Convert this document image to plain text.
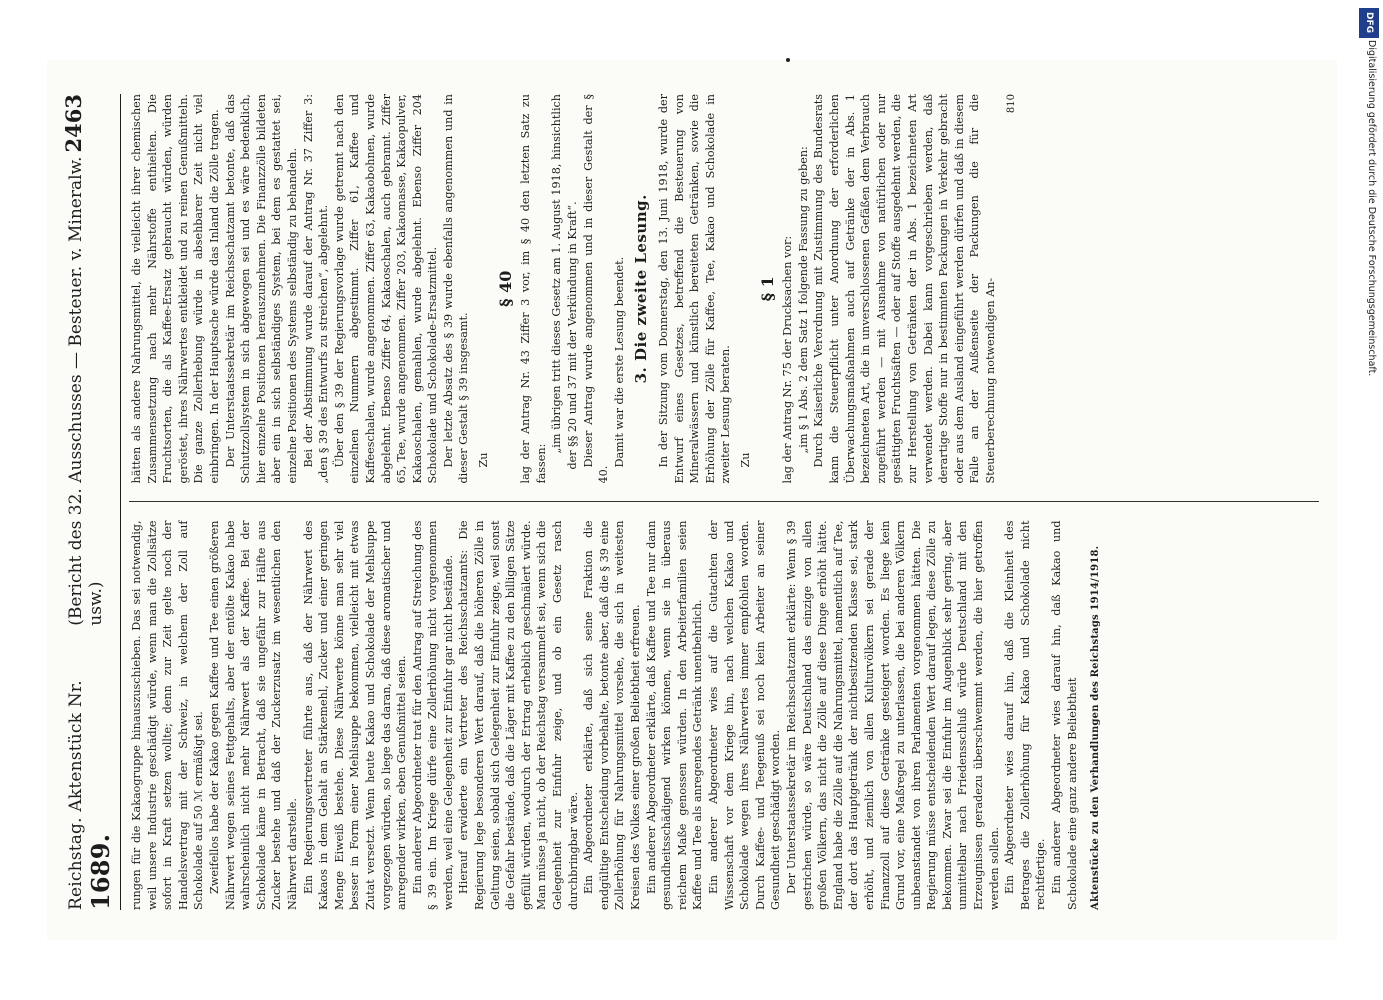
Reichstag. Aktenstück Nr. 1689.
(Bericht des 32. Ausschusses — Besteuer. v. Mineralw. usw.)
2463

rungen für die Kakaogruppe hinauszuschieben. Das sei notwendig, weil unsere Industrie geschädigt würde, wenn man die Zollsätze sofort in Kraft setzen wollte; denn zur Zeit gelte noch der Handelsvertrag mit der Schweiz, in welchem der Zoll auf Schokolade auf 50 ℳ ermäßigt sei. Zweifellos habe der Kakao gegen Kaffee und Tee einen größeren Nährwert wegen seines Fettgehalts, aber der entölte Kakao habe wahrscheinlich nicht mehr Nährwert als der Kaffee. Bei der Schokolade käme in Betracht, daß sie ungefähr zur Hälfte aus Zucker bestehe und daß der Zuckerzusatz im wesentlichen den Nährwert darstelle. Ein Regierungsvertreter führte aus, daß der Nährwert des Kakaos in dem Gehalt an Stärkemehl, Zucker und einer geringen Menge Eiweiß bestehe. Diese Nährwerte könne man sehr viel besser in Form einer Mehlsuppe bekommen, vielleicht mit etwas Zutat versetzt. Wenn heute Kakao und Schokolade der Mehlsuppe vorgezogen würden, so liege das daran, daß diese aromatischer und anregender wirken, eben Genußmittel seien. Ein anderer Abgeordneter trat für den Antrag auf Streichung des § 39 ein. Im Kriege dürfe eine Zollerhöhung nicht vorgenommen werden, weil eine Gelegenheit zur Einfuhr gar nicht bestände. Hierauf erwiderte ein Vertreter des Reichsschatzamts: Die Regierung lege besonderen Wert darauf, daß die höheren Zölle in Geltung seien, sobald sich Gelegenheit zur Einfuhr zeige, weil sonst die Gefahr bestände, daß die Läger mit Kaffee zu den billigen Sätze gefüllt würden, wodurch der Ertrag erheblich geschmälert würde. Man müsse ja nicht, ob der Reichstag versammelt sei, wenn sich die Gelegenheit zur Einfuhr zeige, und ob ein Gesetz rasch durchbringbar wäre. Ein Abgeordneter erklärte, daß sich seine Fraktion die endgültige Entscheidung vorbehalte, betonte aber, daß die § 39 eine Zollerhöhung für Nahrungsmittel vorsehe, die sich in weitesten Kreisen des Volkes einer großen Beliebtheit erfreuen. Ein anderer Abgeordneter erklärte, daß Kaffee und Tee nur dann gesundheitsschädigend wirken können, wenn sie in überaus reichem Maße genossen würden. In den Arbeiterfamilien seien Kaffee und Tee als anregendes Getränk unentbehrlich. Ein anderer Abgeordneter wies auf die Gutachten der Wissenschaft vor dem Kriege hin, nach welchen Kakao und Schokolade wegen ihres Nährwertes immer empfohlen worden. Durch Kaffee- und Teegenuß sei noch kein Arbeiter an seiner Gesundheit geschädigt worden. Der Unterstaatssekretär im Reichsschatzamt erklärte: Wenn § 39 gestrichen würde, so wäre Deutschland das einzige von allen großen Völkern, das nicht die Zölle auf diese Dinge erhöht hätte. England habe die Zölle auf die Nahrungsmittel, namentlich auf Tee, der dort das Hauptgetränk der nichtbesitzenden Klasse sei, stark erhöht, und ziemlich von allen Kulturvölkern sei gerade der Finanzzoll auf diese Getränke gesteigert worden. Es liege kein Grund vor, eine Maßregel zu unterlassen, die bei anderen Völkern unbeanstandet von ihren Parlamenten vorgenommen hätten. Die Regierung müsse entscheidenden Wert darauf legen, diese Zölle zu bekommen. Zwar sei die Einfuhr im Augenblick sehr gering, aber unmittelbar nach Friedensschluß würde Deutschland mit den Erzeugnissen geradezu überschwemmt werden, die hier getroffen werden sollen. Ein Abgeordneter wies darauf hin, daß die Kleinheit des Betrages die Zollerhöhung für Kakao und Schokolade nicht rechtfertige. Ein anderer Abgeordneter wies darauf hin, daß Kakao und Schokolade eine ganz andere Beliebtheit Aktenstücke zu den Verhandlungen des Reichstags 1914/1918.

hätten als andere Nahrungsmittel, die vielleicht ihrer chemischen Zusammensetzung nach mehr Nährstoffe enthielten. Die Fruchtsorten, die als Kaffee-Ersatz gebraucht würden, würden geröstet, ihres Nährwertes entkleidet und zu reinen Genußmitteln. Die ganze Zollerhebung würde in absehbarer Zeit nicht viel einbringen. In der Hauptsache würde das Inland die Zölle tragen. Der Unterstaatssekretär im Reichsschatzamt betonte, daß das Schutzzollsystem in sich abgewogen sei und es wäre bedenklich, hier einzelne Positionen herauszunehmen. Die Finanzzölle bildeten aber ein in sich selbständiges System, bei dem es gestattet sei, einzelne Positionen des Systems selbständig zu behandeln. Bei der Abstimmung wurde darauf der Antrag Nr. 37 Ziffer 3: „den § 39 des Entwurfs zu streichen“, abgelehnt. Über den § 39 der Regierungsvorlage wurde getrennt nach den einzelnen Nummern abgestimmt. Ziffer 61, Kaffee und Kaffeeschalen, wurde angenommen. Ziffer 63, Kakaobohnen, wurde abgelehnt. Ebenso Ziffer 64, Kakaoschalen, auch gebrannt. Ziffer 65, Tee, wurde angenommen. Ziffer 203, Kakaomasse, Kakaopulver, Kakaoschalen, gemahlen, wurde abgelehnt. Ebenso Ziffer 204 Schokolade und Schokolade-Ersatzmittel. Der letzte Absatz des § 39 wurde ebenfalls angenommen und in dieser Gestalt § 39 insgesamt. Zu

§ 40 lag der Antrag Nr. 43 Ziffer 3 vor, im § 40 den letzten Satz zu fassen:

„im übrigen tritt dieses Gesetz am 1. August 1918, hinsichtlich der §§ 20 und 37 mit der Verkündung in Kraft“. Dieser Antrag wurde angenommen und in dieser Gestalt der § 40.

Damit war die erste Lesung beendet. 3. Die zweite Lesung. In der Sitzung vom Donnerstag, den 13. Juni 1918, wurde der Entwurf eines Gesetzes, betreffend die Besteuerung von Mineralwässern und künstlich bereiteten Getränken, sowie die Erhöhung der Zölle für Kaffee, Tee, Kakao und Schokolade in zweiter Lesung beraten. Zu

§ 1 lag der Antrag Nr. 75 der Drucksachen vor: „im § 1 Abs. 2 dem Satz 1 folgende Fassung zu geben: Durch Kaiserliche Verordnung mit Zustimmung des Bundesrats kann die Steuerpflicht unter Anordnung der erforderlichen Überwachungsmaßnahmen auch auf Getränke der in Abs. 1 bezeichneten Art, die in unverschlossenen Gefäßen dem Verbrauch zugeführt werden — mit Ausnahme von natürlichen oder nur gesättigten Fruchtsäften — oder auf Stoffe ausgedehnt werden, die zur Herstellung von Getränken der in Abs. 1 bezeichneten Art verwendet werden. Dabei kann vorgeschrieben werden, daß derartige Stoffe nur in bestimmten Packungen in Verkehr gebracht oder aus dem Ausland eingeführt werden dürfen und daß in diesem Falle an der Außenseite der Packungen die für die Steuerberechnung notwendigen An-

810
DFG
Digitalisierung gefördert durch die Deutsche Forschungsgemeinschaft.
